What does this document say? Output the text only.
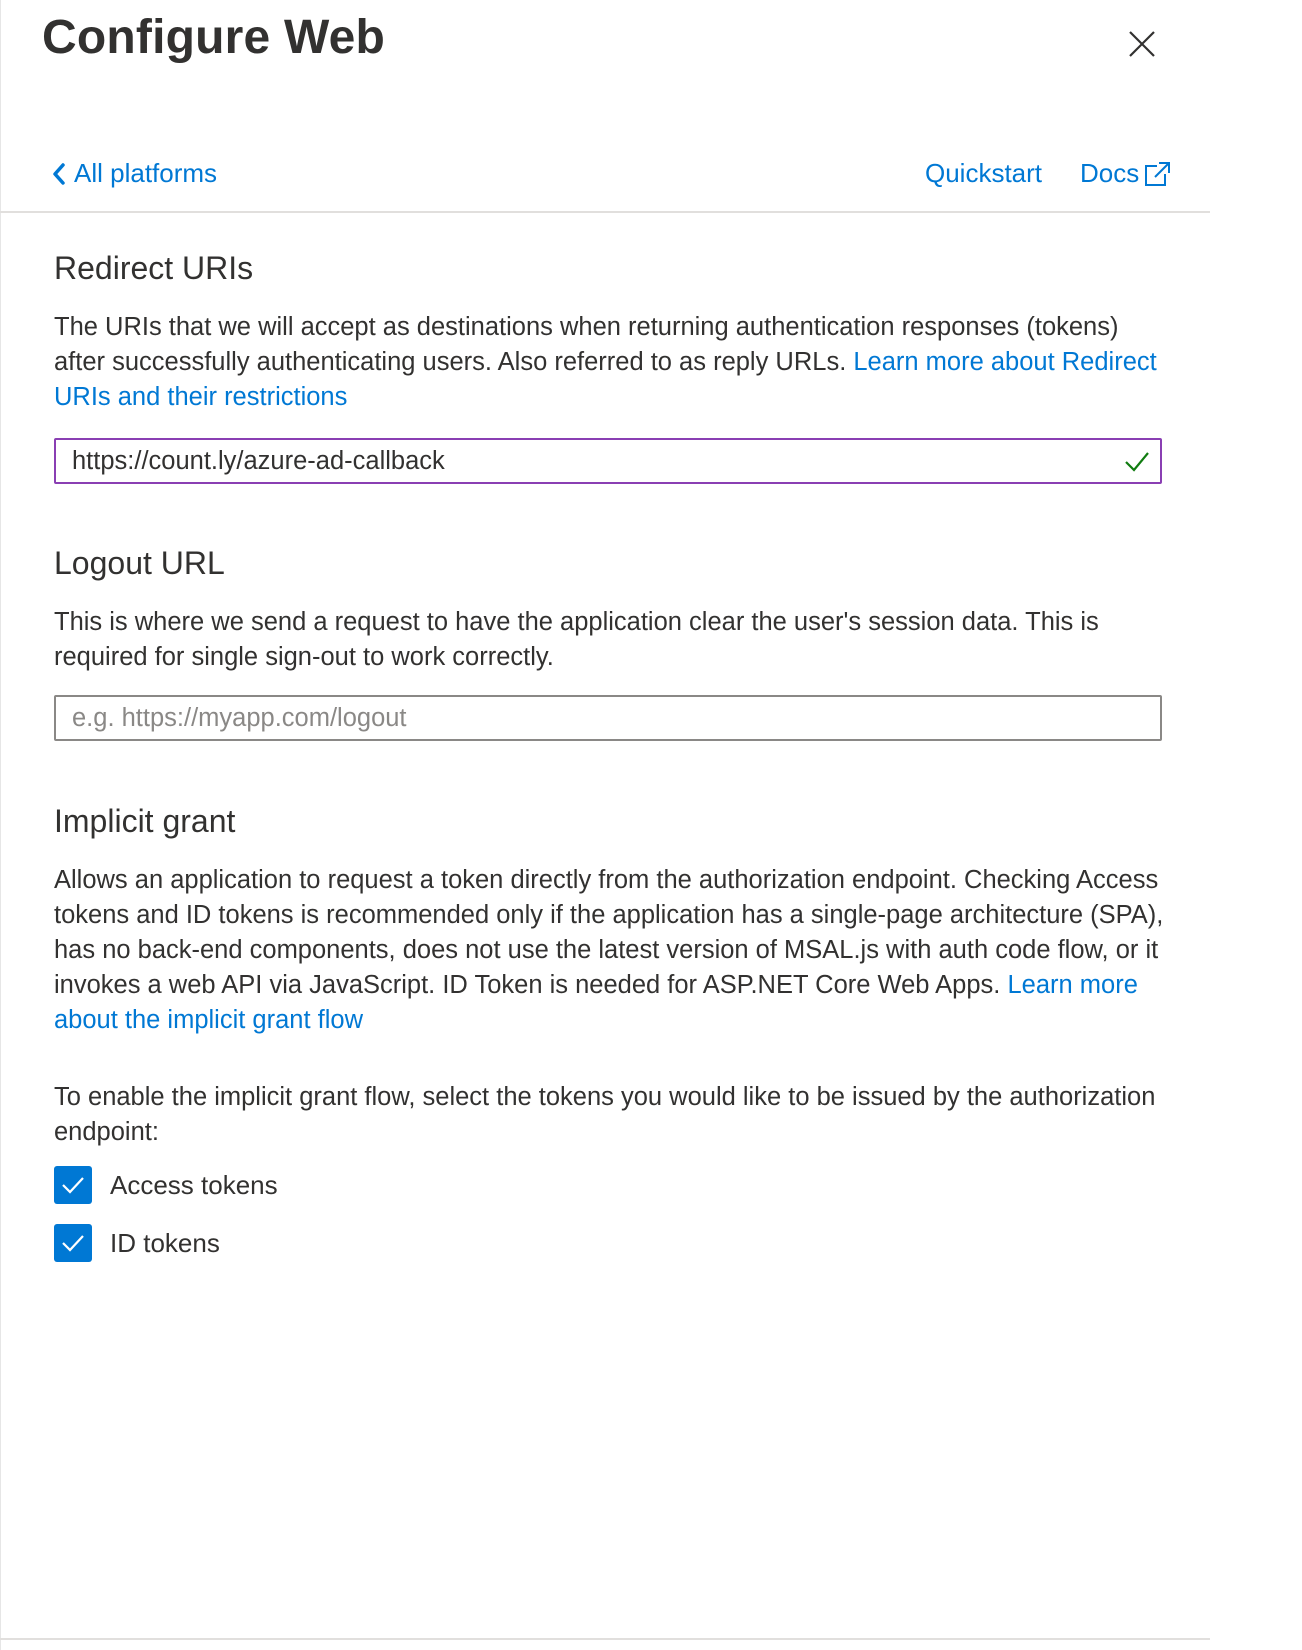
Configure Web
All platforms	Quickstart Docs
Redirect URIs

The URIs that we will accept as destinations when returning authentication responses (tokens) after successfully authenticating users. Also referred to as reply URLs. Learn more about Redirect URIs and their restrictions

https://count.ly/azure-ad-callback
Logout URL

This is where we send a request to have the application clear the user's session data. This is required for single sign-out to work correctly.

e.g. https://myapp.com/logout
Implicit grant

Allows an application to request a token directly from the authorization endpoint. Checking Access tokens and ID tokens is recommended only if the application has a single-page architecture (SPA), has no back-end components, does not use the latest version of MSAL.js with auth code flow, or it invokes a web API via JavaScript. ID Token is needed for ASP.NET Core Web Apps. Learn more about the implicit grant flow

To enable the implicit grant flow, select the tokens you would like to be issued by the authorization endpoint:

Access tokens
ID tokens
